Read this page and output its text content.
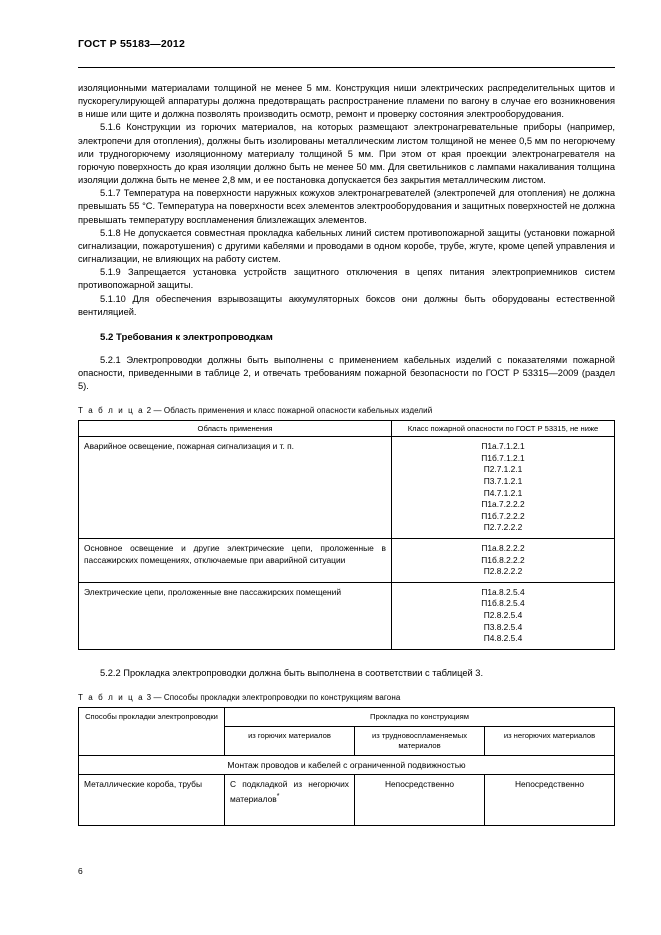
ГОСТ Р 55183—2012

изоляционными материалами толщиной не менее 5 мм. Конструкция ниши электрических распределительных щитов и пускорегулирующей аппаратуры должна предотвращать распространение пламени по вагону в случае его возникновения в нише или щите и должна позволять производить осмотр, ремонт и проверку состояния электрооборудования.

5.1.6 Конструкции из горючих материалов, на которых размещают электронагревательные приборы (например, электропечи для отопления), должны быть изолированы металлическим листом толщиной не менее 0,5 мм по негорючему или трудногорючему изоляционному материалу толщиной 5 мм. При этом от края проекции электронагревателя на горючую поверхность до края изоляции должно быть не менее 50 мм. Для светильников с лампами накаливания толщина изоляции должна быть не менее 2,8 мм, и ее постановка допускается без закрытия металлическим листом.

5.1.7 Температура на поверхности наружных кожухов электронагревателей (электропечей для отопления) не должна превышать 55 °С. Температура на поверхности всех элементов электрооборудования и защитных поверхностей не должна превышать температуру воспламенения близлежащих элементов.

5.1.8 Не допускается совместная прокладка кабельных линий систем противопожарной защиты (установки пожарной сигнализации, пожаротушения) с другими кабелями и проводами в одном коробе, трубе, жгуте, кроме цепей управления и сигнализации, не влияющих на работу систем.

5.1.9 Запрещается установка устройств защитного отключения в цепях питания электроприемников систем противопожарной защиты.

5.1.10 Для обеспечения взрывозащиты аккумуляторных боксов они должны быть оборудованы естественной вентиляцией.

5.2 Требования к электропроводкам

5.2.1 Электропроводки должны быть выполнены с применением кабельных изделий с показателями пожарной опасности, приведенными в таблице 2, и отвечать требованиям пожарной безопасности по ГОСТ Р 53315—2009 (раздел 5).

Т а б л и ц а 2 — Область применения и класс пожарной опасности кабельных изделий
Область применения	Класс пожарной опасности по ГОСТ Р 53315, не ниже
Аварийное освещение, пожарная сигнализация и т. п.	П1а.7.1.2.1
П1б.7.1.2.1
П2.7.1.2.1
П3.7.1.2.1
П4.7.1.2.1
П1а.7.2.2.2
П1б.7.2.2.2
П2.7.2.2.2

Основное освещение и другие электрические цепи, проложенные в пассажирских помещениях, отключаемые при аварийной ситуации	П1а.8.2.2.2
П1б.8.2.2.2
П2.8.2.2.2

Электрические цепи, проложенные вне пассажирских помещений	П1а.8.2.5.4
П1б.8.2.5.4
П2.8.2.5.4
П3.8.2.5.4
П4.8.2.5.4

5.2.2 Прокладка электропроводки должна быть выполнена в соответствии с таблицей 3.

Т а б л и ц а 3 — Способы прокладки электропроводки по конструкциям вагона
Способы прокладки электропроводки	Прокладка по конструкциям		
	из горючих материалов	из трудновоспламеняемых материалов	из негорючих материалов
Монтаж проводов и кабелей с ограниченной подвижностью			
Металлические короба, трубы	С подкладкой из негорючих материалов*	Непосредственно	Непосредственно
6
